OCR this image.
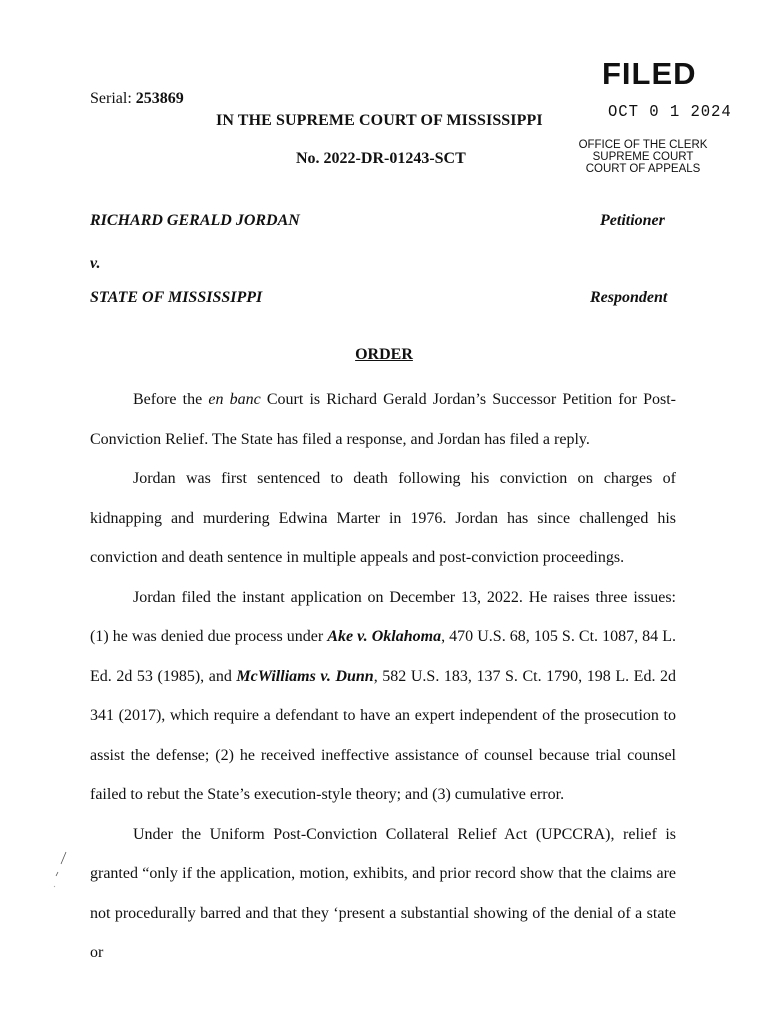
Serial: 253869
IN THE SUPREME COURT OF MISSISSIPPI
No. 2022-DR-01243-SCT
FILED
OCT 0 1 2024
OFFICE OF THE CLERK
SUPREME COURT
COURT OF APPEALS
RICHARD GERALD JORDAN	Petitioner
v.
STATE OF MISSISSIPPI	Respondent
ORDER

Before the en banc Court is Richard Gerald Jordan’s Successor Petition for Post-Conviction Relief. The State has filed a response, and Jordan has filed a reply.

Jordan was first sentenced to death following his conviction on charges of kidnapping and murdering Edwina Marter in 1976. Jordan has since challenged his conviction and death sentence in multiple appeals and post-conviction proceedings.

Jordan filed the instant application on December 13, 2022. He raises three issues: (1) he was denied due process under Ake v. Oklahoma, 470 U.S. 68, 105 S. Ct. 1087, 84 L. Ed. 2d 53 (1985), and McWilliams v. Dunn, 582 U.S. 183, 137 S. Ct. 1790, 198 L. Ed. 2d 341 (2017), which require a defendant to have an expert independent of the prosecution to assist the defense; (2) he received ineffective assistance of counsel because trial counsel failed to rebut the State’s execution-style theory; and (3) cumulative error.

Under the Uniform Post-Conviction Collateral Relief Act (UPCCRA), relief is granted “only if the application, motion, exhibits, and prior record show that the claims are not procedurally barred and that they ‘present a substantial showing of the denial of a state or
